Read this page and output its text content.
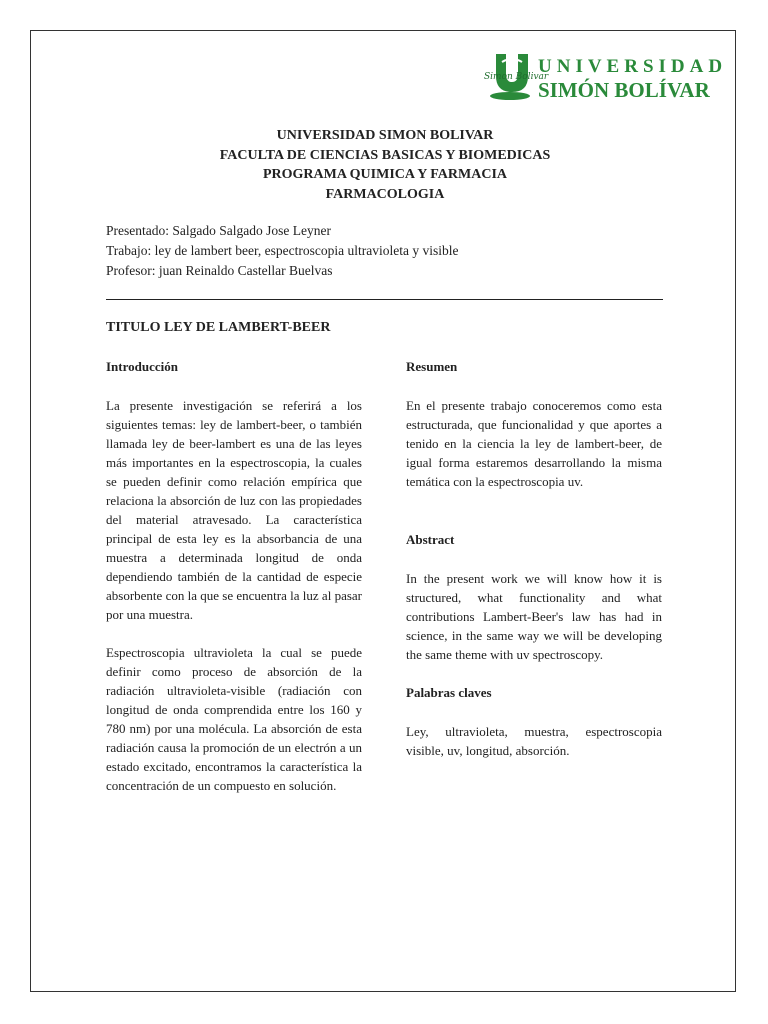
Simon Bolivar
UNIVERSIDAD
SIMÓN BOLÍVAR
UNIVERSIDAD SIMON BOLIVAR
FACULTA DE CIENCIAS BASICAS Y BIOMEDICAS
PROGRAMA QUIMICA Y FARMACIA
FARMACOLOGIA
Presentado: Salgado Salgado Jose Leyner
Trabajo: ley de lambert beer, espectroscopia ultravioleta y visible
Profesor: juan Reinaldo Castellar Buelvas
TITULO LEY DE LAMBERT-BEER
Introducción

La presente investigación se referirá a los siguientes temas: ley de lambert-beer, o también llamada ley de beer-lambert es una de las leyes más importantes en la espectroscopia, la cuales se pueden definir como relación empírica que relaciona la absorción de luz con las propiedades del material atravesado. La característica principal de esta ley es la absorbancia de una muestra a determinada longitud de onda dependiendo también de la cantidad de especie absorbente con la que se encuentra la luz al pasar por una muestra.

Espectroscopia ultravioleta la cual se puede definir como proceso de absorción de la radiación ultravioleta-visible (radiación con longitud de onda comprendida entre los 160 y 780 nm) por una molécula. La absorción de esta radiación causa la promoción de un electrón a un estado excitado, encontramos la característica la concentración de un compuesto en solución.

Resumen

En el presente trabajo conoceremos como esta estructurada, que funcionalidad y que aportes a tenido en la ciencia la ley de lambert-beer, de igual forma estaremos desarrollando la misma temática con la espectroscopia uv.

Abstract

In the present work we will know how it is structured, what functionality and what contributions Lambert-Beer's law has had in science, in the same way we will be developing the same theme with uv spectroscopy.

Palabras claves

Ley, ultravioleta, muestra, espectroscopia visible, uv, longitud, absorción.
